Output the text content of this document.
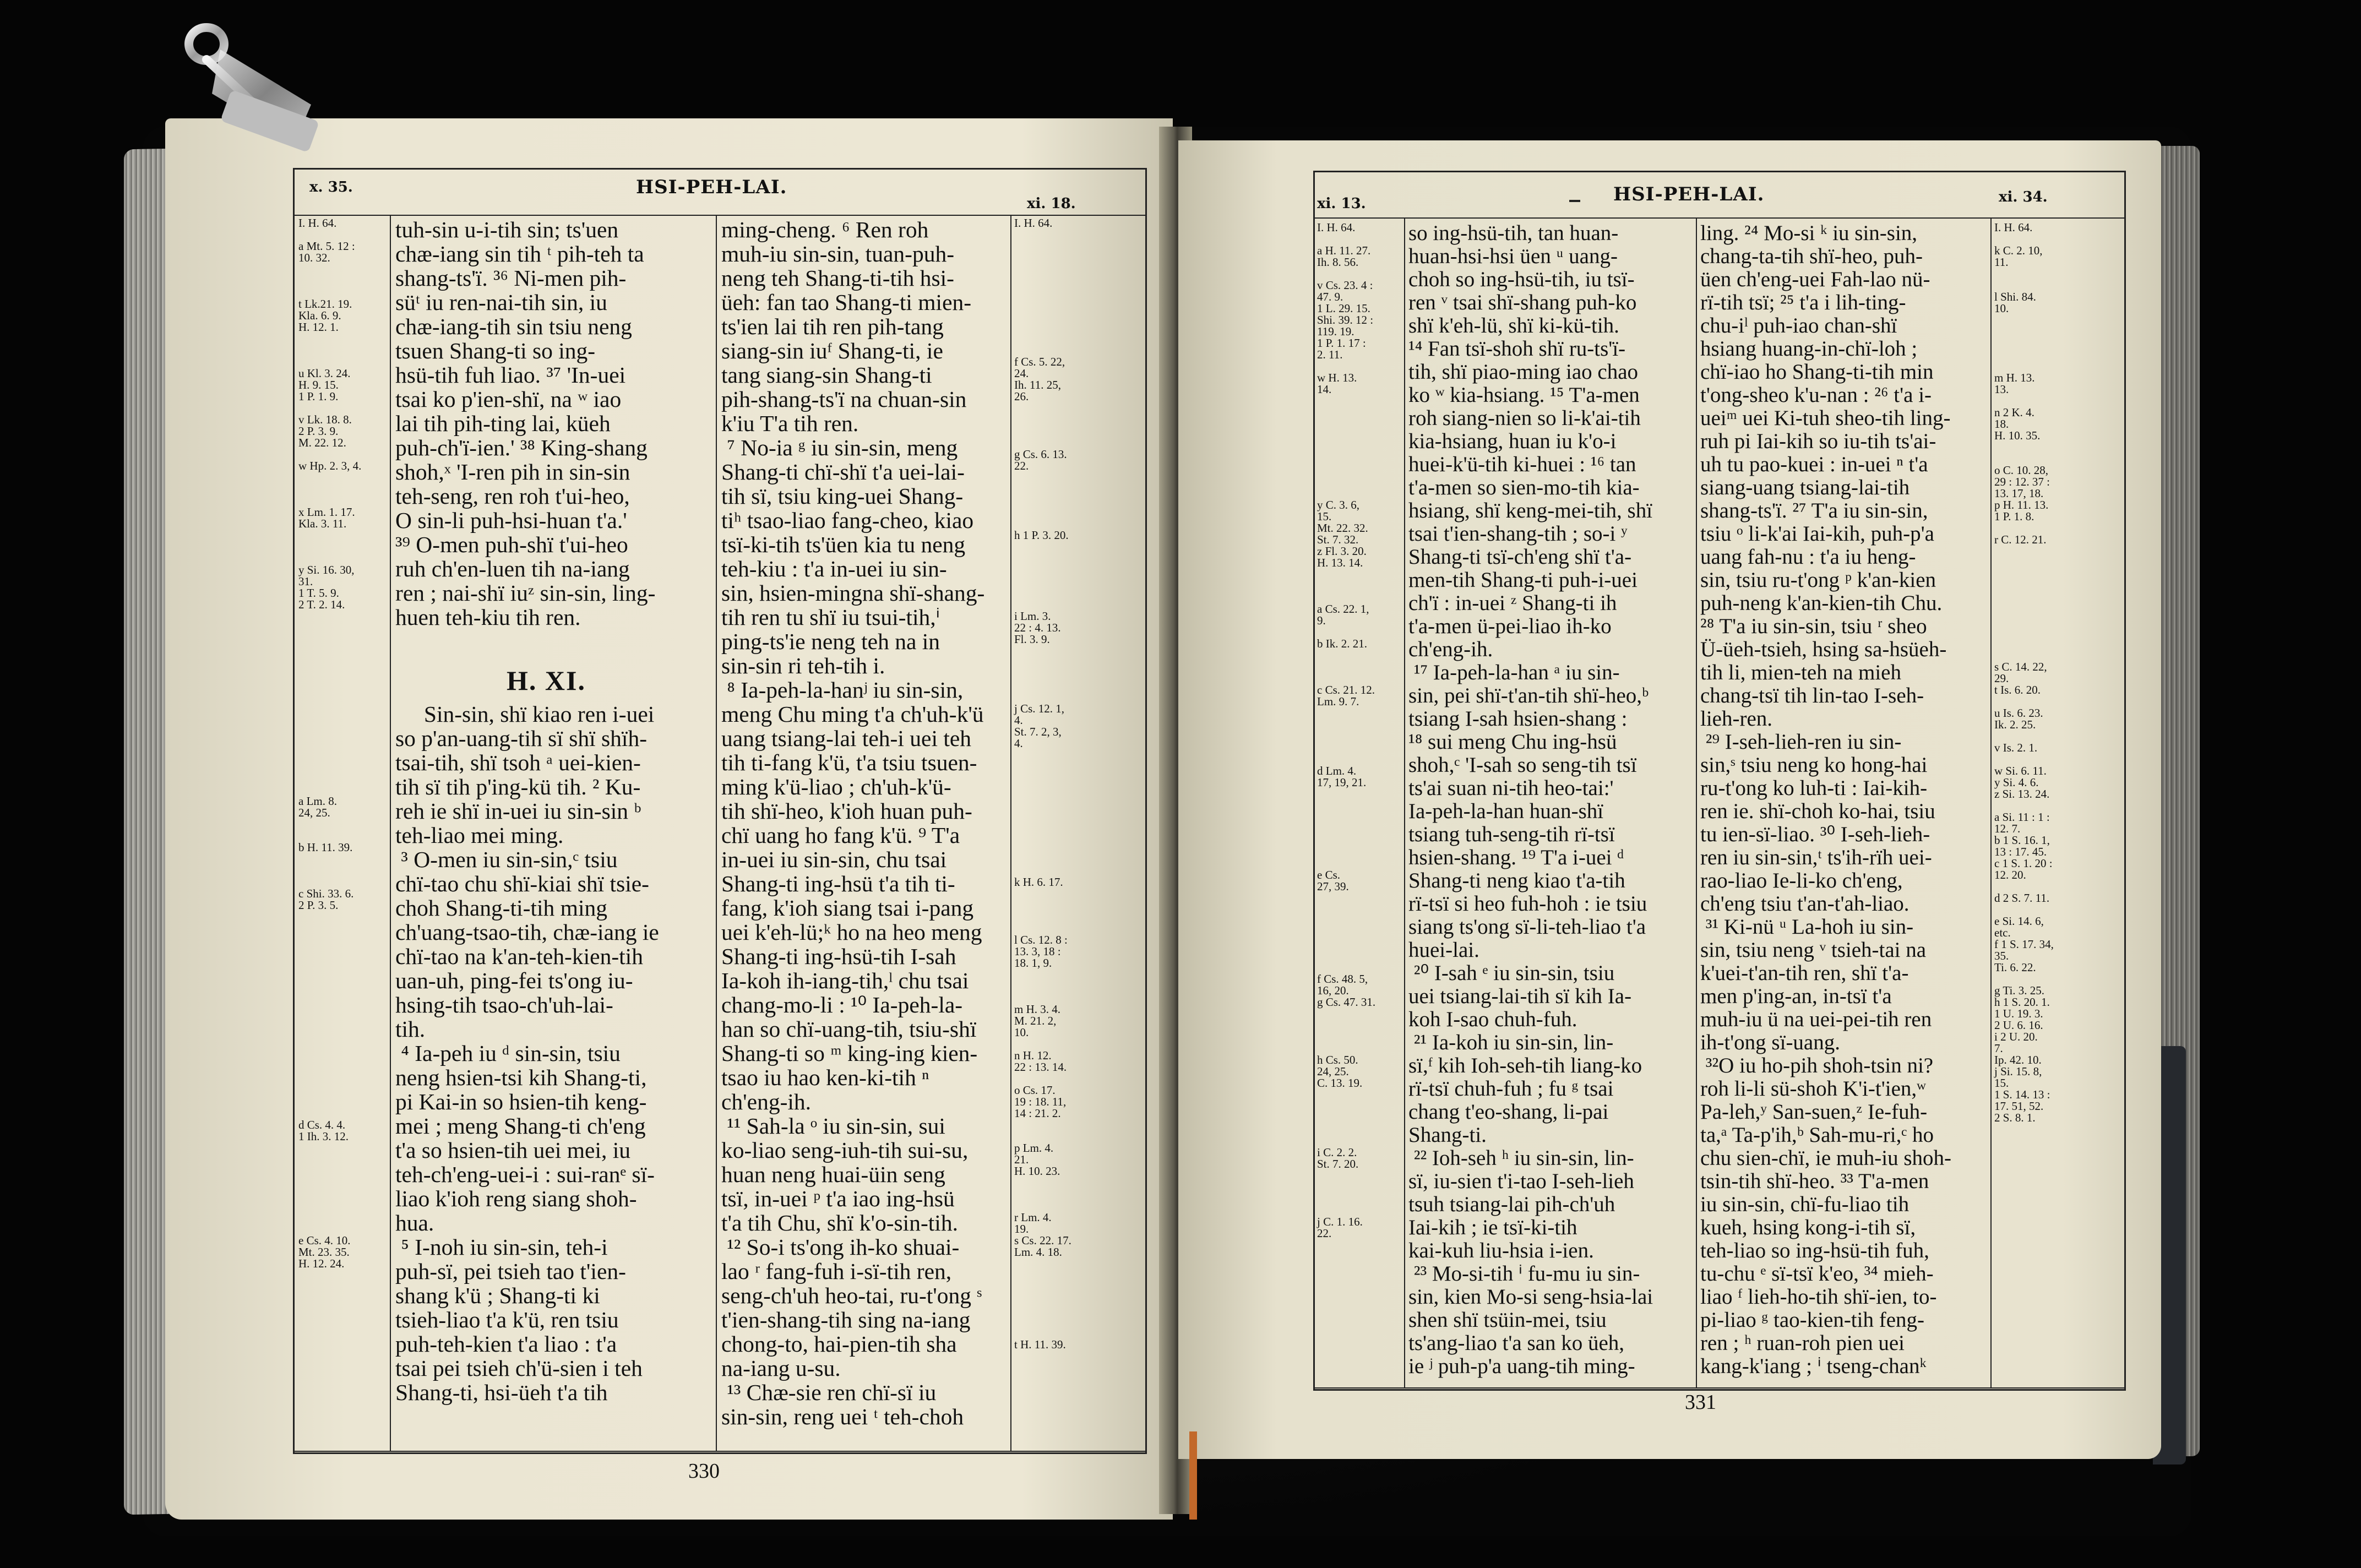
x. 35.	HSI-PEH-LAI.
xi. 18.
I. H. 64.

a Mt. 5. 12 :
10. 32.

t Lk.21. 19.
Kla. 6. 9.
H. 12. 1.

u Kl. 3. 24.
H. 9. 15.
1 P. 1. 9.

v Lk. 18. 8.
2 P. 3. 9.
M. 22. 12.

w Hp. 2. 3, 4.

x Lm. 1. 17.
Kla. 3. 11.

y Si. 16. 30,
31.
1 T. 5. 9.
2 T. 2. 14.

a Lm. 8.
24, 25.

b H. 11. 39.

c Shi. 33. 6.
2 P. 3. 5.

d Cs. 4. 4.
1 Ih. 3. 12.

e Cs. 4. 10.
Mt. 23. 35.
H. 12. 24.
tuh-sin u-i-tih sin; ts'uen
chæ-iang sin tih ᵗ pih-teh ta
shang-ts'ï. ³⁶ Ni-men pih-
süᵗ iu ren-nai-tih sin, iu
chæ-iang-tih sin tsiu neng
tsuen Shang-ti so ing-
hsü-tih fuh liao. ³⁷ 'In-uei
tsai ko p'ien-shï, na ʷ iao
lai tih pih-ting lai, küeh
puh-ch'ï-ien.' ³⁸ King-shang
shoh,ˣ 'I-ren pih in sin-sin
teh-seng, ren roh t'ui-heo,
O sin-li puh-hsi-huan t'a.'
³⁹ O-men puh-shï t'ui-heo
ruh ch'en-luen tih na-iang
ren ; nai-shï iuᶻ sin-sin, ling-
huen teh-kiu tih ren.

Sin-sin, shï kiao ren i-uei
so p'an-uang-tih sï shï shïh-
tsai-tih, shï tsoh ᵃ uei-kien-
tih sï tih p'ing-kü tih. ² Ku-
reh ie shï in-uei iu sin-sin ᵇ
teh-liao mei ming.
³ O-men iu sin-sin,ᶜ tsiu
chï-tao chu shï-kiai shï tsie-
choh Shang-ti-tih ming
ch'uang-tsao-tih, chæ-iang ie
chï-tao na k'an-teh-kien-tih
uan-uh, ping-fei ts'ong iu-
hsing-tih tsao-ch'uh-lai-
tih.
⁴ Ia-peh iu ᵈ sin-sin, tsiu
neng hsien-tsi kih Shang-ti,
pi Kai-in so hsien-tih keng-
mei ; meng Shang-ti ch'eng
t'a so hsien-tih uei mei, iu
teh-ch'eng-uei-i : sui-ranᵉ sï-
liao k'ioh reng siang shoh-
hua.
⁵ I-noh iu sin-sin, teh-i
puh-sï, pei tsieh tao t'ien-
shang k'ü ; Shang-ti ki
tsieh-liao t'a k'ü, ren tsiu
puh-teh-kien t'a liao : t'a
tsai pei tsieh ch'ü-sien i teh
Shang-ti, hsi-üeh t'a tih
H. XI.
ming-cheng. ⁶ Ren roh
muh-iu sin-sin, tuan-puh-
neng teh Shang-ti-tih hsi-
üeh: fan tao Shang-ti mien-
ts'ien lai tih ren pih-tang
siang-sin iuᶠ Shang-ti, ie
tang siang-sin Shang-ti
pih-shang-ts'ï na chuan-sin
k'iu T'a tih ren.
⁷ No-ia ᵍ iu sin-sin, meng
Shang-ti chï-shï t'a uei-lai-
tih sï, tsiu king-uei Shang-
tiʰ tsao-liao fang-cheo, kiao
tsï-ki-tih ts'üen kia tu neng
teh-kiu : t'a in-uei iu sin-
sin, hsien-mingna shï-shang-
tih ren tu shï iu tsui-tih,ⁱ
ping-ts'ie neng teh na in
sin-sin ri teh-tih i.
⁸ Ia-peh-la-hanʲ iu sin-sin,
meng Chu ming t'a ch'uh-k'ü
uang tsiang-lai teh-i uei teh
tih ti-fang k'ü, t'a tsiu tsuen-
ming k'ü-liao ; ch'uh-k'ü-
tih shï-heo, k'ioh huan puh-
chï uang ho fang k'ü. ⁹ T'a
in-uei iu sin-sin, chu tsai
Shang-ti ing-hsü t'a tih ti-
fang, k'ioh siang tsai i-pang
uei k'eh-lü;ᵏ ho na heo meng
Shang-ti ing-hsü-tih I-sah
Ia-koh ih-iang-tih,ˡ chu tsai
chang-mo-li : ¹⁰ Ia-peh-la-
han so chï-uang-tih, tsiu-shï
Shang-ti so ᵐ king-ing kien-
tsao iu hao ken-ki-tih ⁿ
ch'eng-ih.
¹¹ Sah-la ᵒ iu sin-sin, sui
ko-liao seng-iuh-tih sui-su,
huan neng huai-üin seng
tsï, in-uei ᵖ t'a iao ing-hsü
t'a tih Chu, shï k'o-sin-tih.
¹² So-i ts'ong ih-ko shuai-
lao ʳ fang-fuh i-sï-tih ren,
seng-ch'uh heo-tai, ru-t'ong ˢ
t'ien-shang-tih sing na-iang
chong-to, hai-pien-tih sha
na-iang u-su.
¹³ Chæ-sie ren chï-sï iu
sin-sin, reng uei ᵗ teh-choh
I. H. 64.

f Cs. 5. 22,
24.
Ih. 11. 25,
26.

g Cs. 6. 13.
22.

h 1 P. 3. 20.

i Lm. 3.
22 : 4. 13.
Fl. 3. 9.

j Cs. 12. 1,
4.
St. 7. 2, 3,
4.

k H. 6. 17.

l Cs. 12. 8 :
13. 3, 18 :
18. 1, 9.

m H. 3. 4.
M. 21. 2,
10.

n H. 12.
22 : 13. 14.

o Cs. 17.
19 : 18. 11,
14 : 21. 2.

p Lm. 4.
21.
H. 10. 23.

r Lm. 4.
19.
s Cs. 22. 17.
Lm. 4. 18.

t H. 11. 39.
330
xi. 13.	HSI-PEH-LAI.	xi. 34.
I. H. 64.

a H. 11. 27.
Ih. 8. 56.

v Cs. 23. 4 :
47. 9.
1 L. 29. 15.
Shi. 39. 12 :
119. 19.
1 P. 1. 17 :
2. 11.

w H. 13.
14.

y C. 3. 6,
15.
Mt. 22. 32.
St. 7. 32.
z Fl. 3. 20.
H. 13. 14.

a Cs. 22. 1,
9.

b Ik. 2. 21.

c Cs. 21. 12.
Lm. 9. 7.

d Lm. 4.
17, 19, 21.

e Cs.
27, 39.

f Cs. 48. 5,
16, 20.
g Cs. 47. 31.

h Cs. 50.
24, 25.
C. 13. 19.

i C. 2. 2.
St. 7. 20.

j C. 1. 16.
22.
so ing-hsü-tih, tan huan-
huan-hsi-hsi üen ᵘ uang-
choh so ing-hsü-tih, iu tsï-
ren ᵛ tsai shï-shang puh-ko
shï k'eh-lü, shï ki-kü-tih.
¹⁴ Fan tsï-shoh shï ru-ts'ï-
tih, shï piao-ming iao chao
ko ʷ kia-hsiang. ¹⁵ T'a-men
roh siang-nien so li-k'ai-tih
kia-hsiang, huan iu k'o-i
huei-k'ü-tih ki-huei : ¹⁶ tan
t'a-men so sien-mo-tih kia-
hsiang, shï keng-mei-tih, shï
tsai t'ien-shang-tih ; so-i ʸ
Shang-ti tsï-ch'eng shï t'a-
men-tih Shang-ti puh-i-uei
ch'ï : in-uei ᶻ Shang-ti ih
t'a-men ü-pei-liao ih-ko
ch'eng-ih.
¹⁷ Ia-peh-la-han ᵃ iu sin-
sin, pei shï-t'an-tih shï-heo,ᵇ
tsiang I-sah hsien-shang :
¹⁸ sui meng Chu ing-hsü
shoh,ᶜ 'I-sah so seng-tih tsï
ts'ai suan ni-tih heo-tai:'
Ia-peh-la-han huan-shï
tsiang tuh-seng-tih rï-tsï
hsien-shang. ¹⁹ T'a i-uei ᵈ
Shang-ti neng kiao t'a-tih
rï-tsï si heo fuh-hoh : ie tsiu
siang ts'ong sï-li-teh-liao t'a
huei-lai.
²⁰ I-sah ᵉ iu sin-sin, tsiu
uei tsiang-lai-tih sï kih Ia-
koh I-sao chuh-fuh.
²¹ Ia-koh iu sin-sin, lin-
sï,ᶠ kih Ioh-seh-tih liang-ko
rï-tsï chuh-fuh ; fu ᵍ tsai
chang t'eo-shang, li-pai
Shang-ti.
²² Ioh-seh ʰ iu sin-sin, lin-
sï, iu-sien t'i-tao I-seh-lieh
tsuh tsiang-lai pih-ch'uh
Iai-kih ; ie tsï-ki-tih
kai-kuh liu-hsia i-ien.
²³ Mo-si-tih ⁱ fu-mu iu sin-
sin, kien Mo-si seng-hsia-lai
shen shï tsüin-mei, tsiu
ts'ang-liao t'a san ko üeh,
ie ʲ puh-p'a uang-tih ming-
ling. ²⁴ Mo-si ᵏ iu sin-sin,
chang-ta-tih shï-heo, puh-
üen ch'eng-uei Fah-lao nü-
rï-tih tsï; ²⁵ t'a i lih-ting-
chu-iˡ puh-iao chan-shï
hsiang huang-in-chï-loh ;
chï-iao ho Shang-ti-tih min
t'ong-sheo k'u-nan : ²⁶ t'a i-
ueiᵐ uei Ki-tuh sheo-tih ling-
ruh pi Iai-kih so iu-tih ts'ai-
uh tu pao-kuei : in-uei ⁿ t'a
siang-uang tsiang-lai-tih
shang-ts'ï. ²⁷ T'a iu sin-sin,
tsiu ᵒ li-k'ai Iai-kih, puh-p'a
uang fah-nu : t'a iu heng-
sin, tsiu ru-t'ong ᵖ k'an-kien
puh-neng k'an-kien-tih Chu.
²⁸ T'a iu sin-sin, tsiu ʳ sheo
Ü-üeh-tsieh, hsing sa-hsüeh-
tih li, mien-teh na mieh
chang-tsï tih lin-tao I-seh-
lieh-ren.
²⁹ I-seh-lieh-ren iu sin-
sin,ˢ tsiu neng ko hong-hai
ru-t'ong ko luh-ti : Iai-kih-
ren ie. shï-choh ko-hai, tsiu
tu ien-sï-liao. ³⁰ I-seh-lieh-
ren iu sin-sin,ᵗ ts'ih-rïh uei-
rao-liao Ie-li-ko ch'eng,
ch'eng tsiu t'an-t'ah-liao.
³¹ Ki-nü ᵘ La-hoh iu sin-
sin, tsiu neng ᵛ tsieh-tai na
k'uei-t'an-tih ren, shï t'a-
men p'ing-an, in-tsï t'a
muh-iu ü na uei-pei-tih ren
ih-t'ong sï-uang.
³²O iu ho-pih shoh-tsin ni?
roh li-li sü-shoh K'i-t'ien,ʷ
Pa-leh,ʸ San-suen,ᶻ Ie-fuh-
ta,ᵃ Ta-p'ih,ᵇ Sah-mu-ri,ᶜ ho
chu sien-chï, ie muh-iu shoh-
tsin-tih shï-heo. ³³ T'a-men
iu sin-sin, chï-fu-liao tih
kueh, hsing kong-i-tih sï,
teh-liao so ing-hsü-tih fuh,
tu-chu ᵉ sï-tsï k'eo, ³⁴ mieh-
liao ᶠ lieh-ho-tih shï-ien, to-
pi-liao ᵍ tao-kien-tih feng-
ren ; ʰ ruan-roh pien uei
kang-k'iang ; ⁱ tseng-chanᵏ
I. H. 64.

k C. 2. 10,
11.

l Shi. 84.
10.

m H. 13.
13.

n 2 K. 4.
18.
H. 10. 35.

o C. 10. 28,
29 : 12. 37 :
13. 17, 18.
p H. 11. 13.
1 P. 1. 8.

r C. 12. 21.

s C. 14. 22,
29.
t Is. 6. 20.

u Is. 6. 23.
Ik. 2. 25.

v Is. 2. 1.

w Si. 6. 11.
y Si. 4. 6.
z Si. 13. 24.

a Si. 11 : 1 :
12. 7.
b 1 S. 16. 1,
13 : 17. 45.
c 1 S. 1. 20 :
12. 20.

d 2 S. 7. 11.

e Si. 14. 6,
etc.
f 1 S. 17. 34,
35.
Ti. 6. 22.

g Ti. 3. 25.
h 1 S. 20. 1.
1 U. 19. 3.
2 U. 6. 16.
i 2 U. 20.
7.
Ip. 42. 10.
j Si. 15. 8,
15.
1 S. 14. 13 :
17. 51, 52.
2 S. 8. 1.
331
